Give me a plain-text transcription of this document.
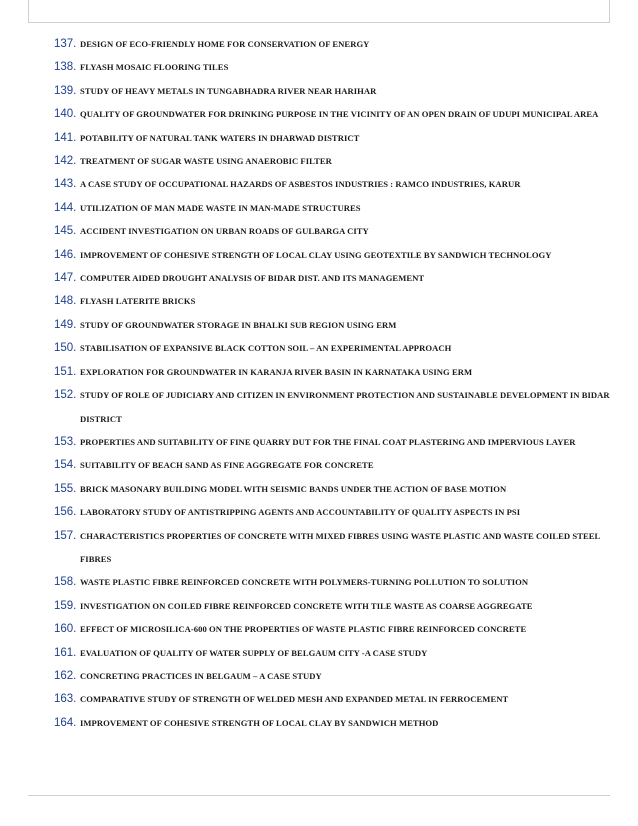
137. DESIGN OF ECO-FRIENDLY HOME FOR CONSERVATION OF ENERGY
138. FLYASH MOSAIC FLOORING TILES
139. STUDY OF HEAVY METALS IN TUNGABHADRA RIVER NEAR HARIHAR
140. QUALITY OF GROUNDWATER FOR DRINKING PURPOSE IN THE VICINITY OF AN OPEN DRAIN OF UDUPI MUNICIPAL AREA
141. POTABILITY OF NATURAL TANK WATERS IN DHARWAD DISTRICT
142. TREATMENT OF SUGAR WASTE USING ANAEROBIC FILTER
143. A CASE STUDY OF OCCUPATIONAL HAZARDS OF ASBESTOS INDUSTRIES : RAMCO INDUSTRIES, KARUR
144. UTILIZATION OF MAN MADE WASTE IN MAN-MADE STRUCTURES
145. ACCIDENT INVESTIGATION ON URBAN ROADS OF GULBARGA CITY
146. IMPROVEMENT OF COHESIVE STRENGTH OF LOCAL CLAY USING GEOTEXTILE BY SANDWICH TECHNOLOGY
147. COMPUTER AIDED DROUGHT ANALYSIS OF BIDAR DIST. AND ITS MANAGEMENT
148. FLYASH LATERITE BRICKS
149. STUDY OF GROUNDWATER STORAGE IN BHALKI SUB REGION USING ERM
150. STABILISATION OF EXPANSIVE BLACK COTTON SOIL – AN EXPERIMENTAL APPROACH
151. EXPLORATION FOR GROUNDWATER IN KARANJA RIVER BASIN IN KARNATAKA USING ERM
152. STUDY OF ROLE OF JUDICIARY AND CITIZEN IN ENVIRONMENT PROTECTION AND SUSTAINABLE DEVELOPMENT IN BIDAR DISTRICT
153. PROPERTIES AND SUITABILITY OF FINE QUARRY DUT FOR THE FINAL COAT PLASTERING AND IMPERVIOUS LAYER
154. SUITABILITY OF BEACH SAND AS FINE AGGREGATE FOR CONCRETE
155. BRICK MASONARY BUILDING MODEL WITH SEISMIC BANDS UNDER THE ACTION OF BASE MOTION
156. LABORATORY STUDY OF ANTISTRIPPING AGENTS AND ACCOUNTABILITY OF QUALITY ASPECTS IN PSI
157. CHARACTERISTICS PROPERTIES OF CONCRETE WITH MIXED FIBRES USING WASTE PLASTIC AND WASTE COILED STEEL FIBRES
158. WASTE PLASTIC FIBRE REINFORCED CONCRETE WITH POLYMERS-TURNING POLLUTION TO SOLUTION
159. INVESTIGATION ON COILED FIBRE REINFORCED CONCRETE WITH TILE WASTE AS COARSE AGGREGATE
160. EFFECT OF MICROSILICA-600 ON THE PROPERTIES OF WASTE PLASTIC FIBRE REINFORCED CONCRETE
161. EVALUATION OF QUALITY OF WATER SUPPLY OF BELGAUM CITY -A CASE STUDY
162. CONCRETING PRACTICES IN BELGAUM – A CASE STUDY
163. COMPARATIVE STUDY OF STRENGTH OF WELDED MESH AND EXPANDED METAL IN FERROCEMENT
164. IMPROVEMENT OF COHESIVE STRENGTH OF LOCAL CLAY BY SANDWICH METHOD
